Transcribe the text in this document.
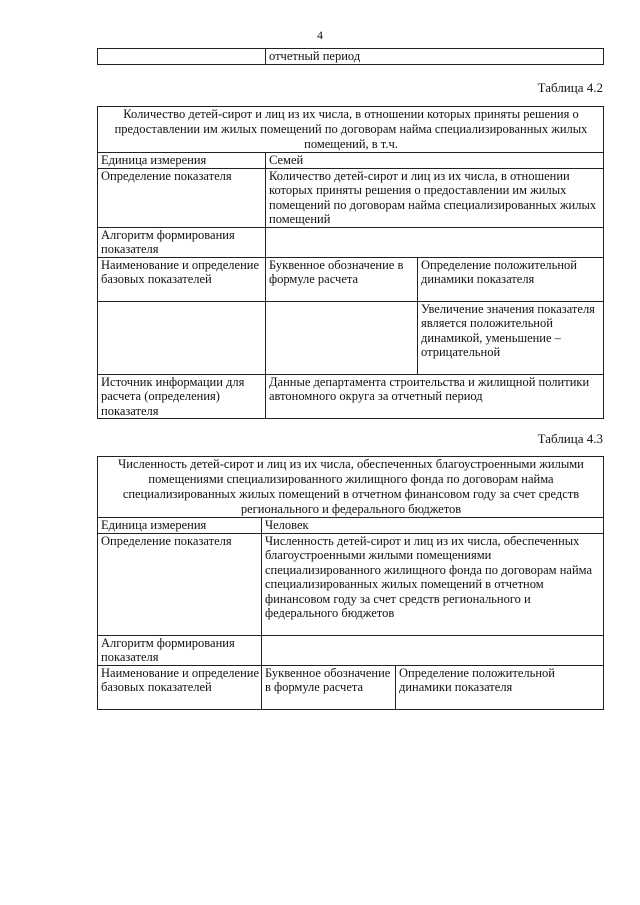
4
	отчетный период
Таблица 4.2
Количество детей-сирот и лиц из их числа, в отношении которых приняты решения о предоставлении им жилых помещений по договорам найма специализированных жилых помещений, в т.ч.		
Единица измерения	Семей	
Определение показателя	Количество детей-сирот и лиц из их числа, в отношении которых приняты решения о предоставлении им жилых помещений по договорам найма специализированных жилых помещений	
Алгоритм формирования показателя		
Наименование и определение базовых показателей	Буквенное обозначение в формуле расчета	Определение положительной динамики показателя
		Увеличение значения показателя является положительной динамикой, уменьшение – отрицательной
Источник информации для расчета (определения) показателя	Данные департамента строительства и жилищной политики автономного округа за отчетный период	
Таблица 4.3
Численность детей-сирот и лиц из их числа, обеспеченных благоустроенными жилыми помещениями специализированного жилищного фонда по договорам найма специализированных жилых помещений в отчетном финансовом году за счет средств регионального и федерального бюджетов		
Единица измерения	Человек	
Определение показателя	Численность детей-сирот и лиц из их числа, обеспеченных благоустроенными жилыми помещениями специализированного жилищного фонда по договорам найма специализированных жилых помещений в отчетном финансовом году за счет средств регионального и федерального бюджетов	
Алгоритм формирования показателя		
Наименование и определение базовых показателей	Буквенное обозначение в формуле расчета	Определение положительной динамики показателя
